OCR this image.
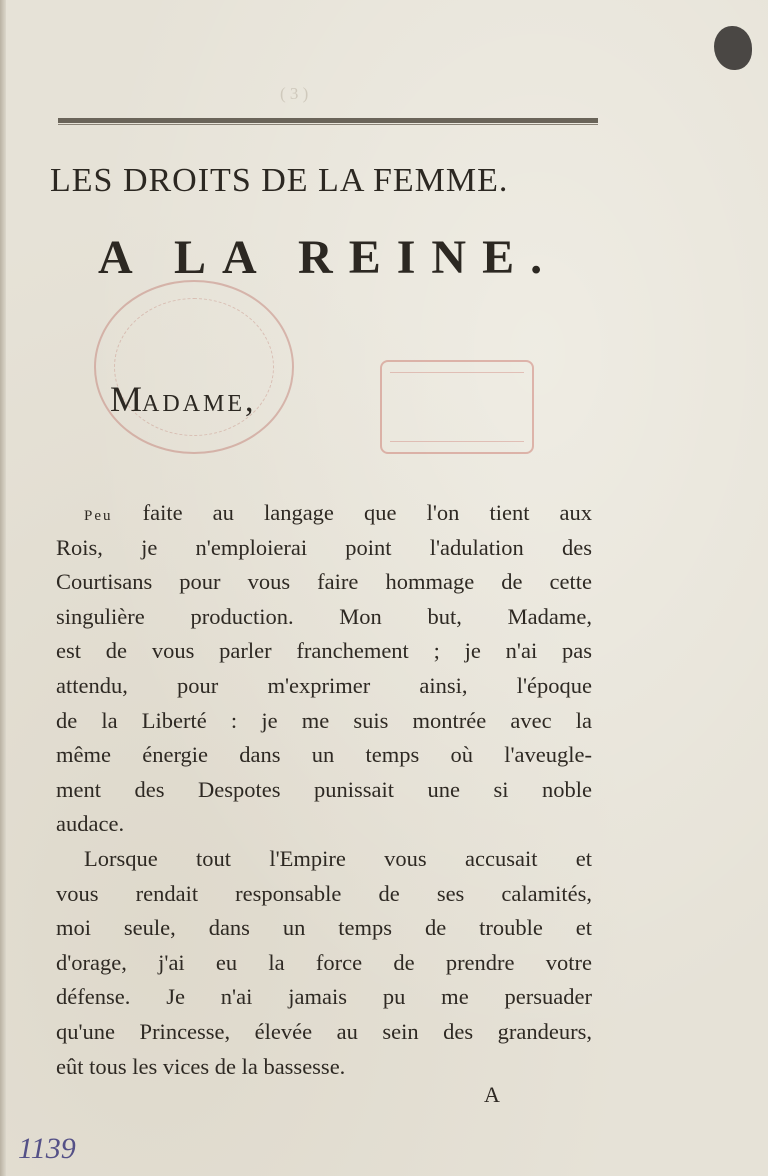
( 3 )
LES DROITS DE LA FEMME.
A LA REINE.
MADAME,
Peu faite au langage que l'on tient aux
Rois, je n'emploierai point l'adulation des
Courtisans pour vous faire hommage de cette
singulière production. Mon but, Madame,
est de vous parler franchement ; je n'ai pas
attendu, pour m'exprimer ainsi, l'époque
de la Liberté : je me suis montrée avec la
même énergie dans un temps où l'aveugle-
ment des Despotes punissait une si noble
audace.
Lorsque tout l'Empire vous accusait et
vous rendait responsable de ses calamités,
moi seule, dans un temps de trouble et
d'orage, j'ai eu la force de prendre votre
défense. Je n'ai jamais pu me persuader
qu'une Princesse, élevée au sein des grandeurs,
eût tous les vices de la bassesse.
A
1139
